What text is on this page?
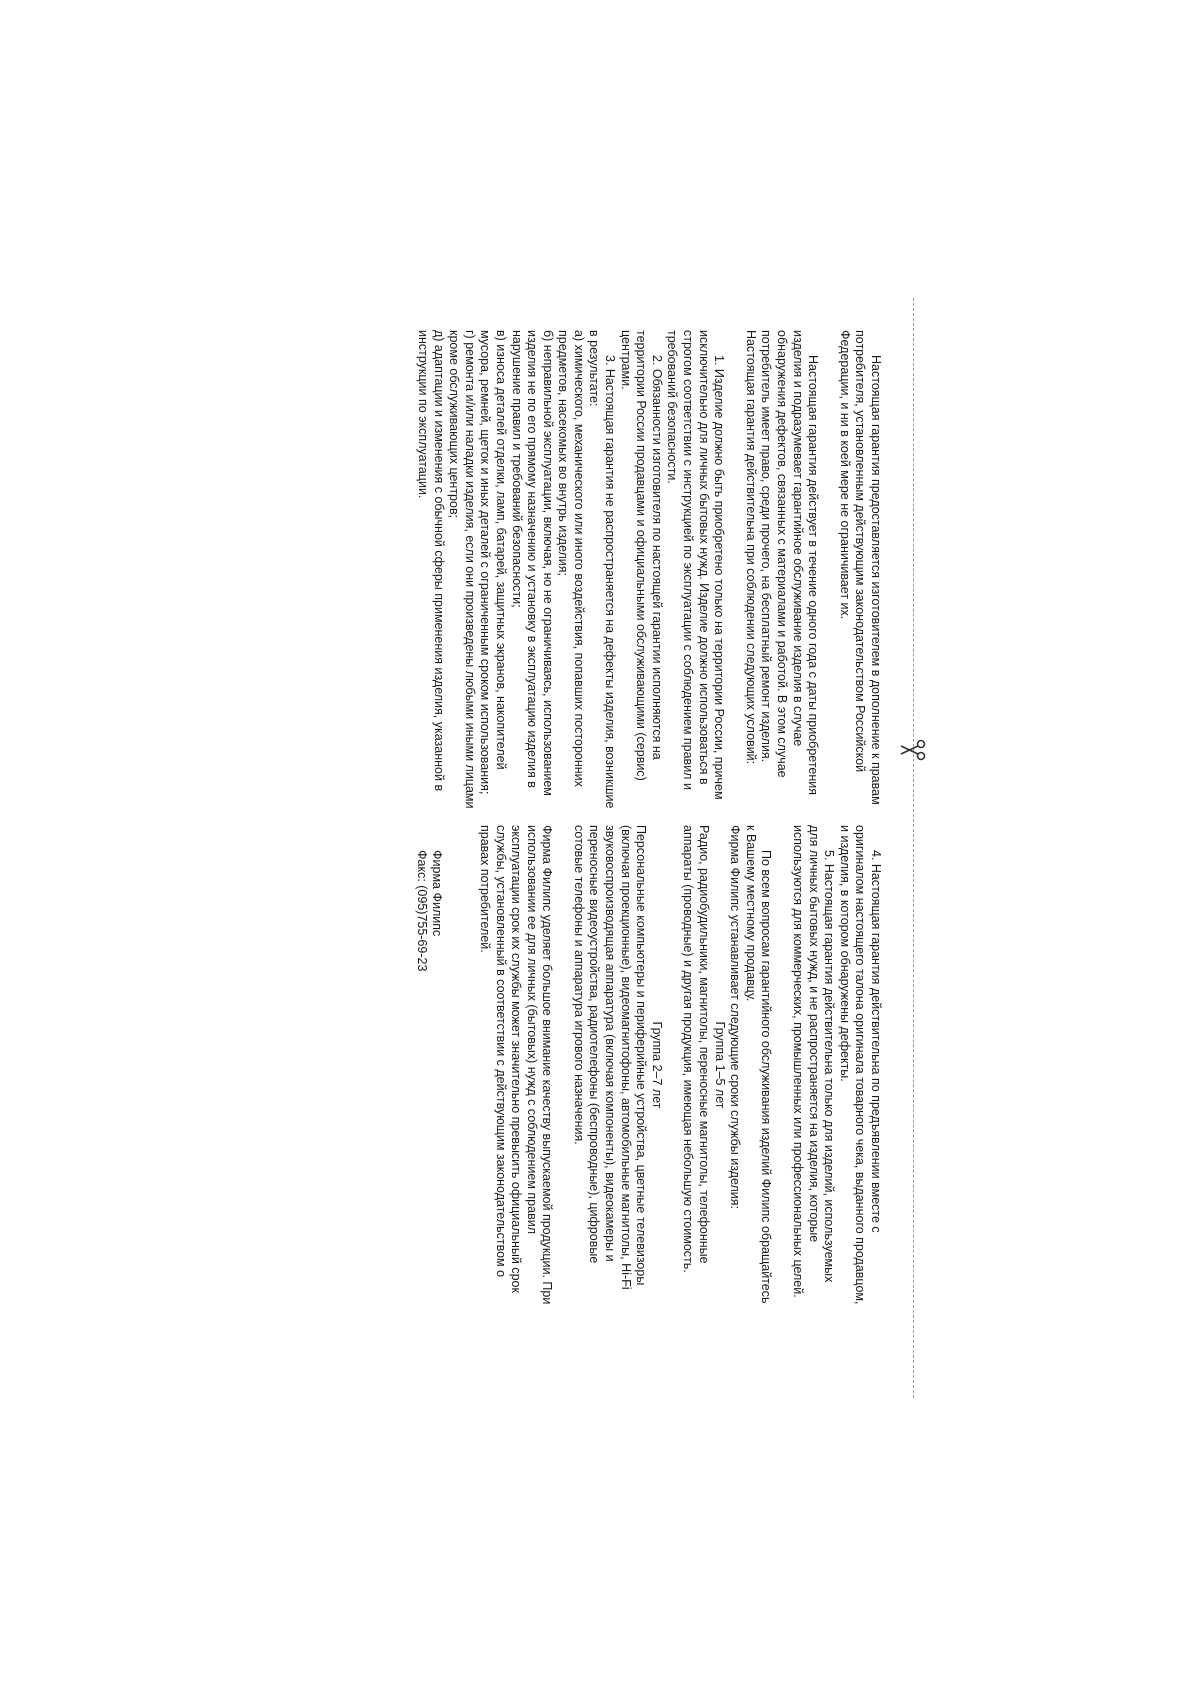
Настоящая гарантия предоставляется изготовителем в дополнение к правам потребителя, установленным действующим законодательством Российской Федерации, и ни в коей мере не ограничивает их.

Настоящая гарантия действует в течение одного года с даты приобретения изделия и подразумевает гарантийное обслуживание изделия в случае обнаружения дефектов, связанных с материалами и работой. В этом случае потребитель имеет право, среди прочего, на бесплатный ремонт изделия. Настоящая гарантия действительна при соблюдении следующих условий:

1. Изделие должно быть приобретено только на территории России, причем исключительно для личных бытовых нужд. Изделие должно использоваться в строгом соответствии с инструкцией по эксплуатации с соблюдением правил и требований безопасности.

2. Обязанности изготовителя по настоящей гарантии исполняются на территории России продавцами и официальными обслуживающими (сервис) центрами.

3. Настоящая гарантия не распространяется на дефекты изделия, возникшие в результате:

а) химического, механического или иного воздействия, попавших посторонних предметов, насекомых во внутрь изделия;

б) неправильной эксплуатации, включая, но не ограничиваясь, использованием изделия не по его прямому назначению и установку в эксплуатацию изделия в нарушение правил и требований безопасности;

в) износа деталей отделки, ламп, батарей, защитных экранов, накопителей мусора, ремней, щеток и иных деталей с ограниченным сроком использования;

г) ремонта и/или наладки изделия, если они произведены любыми иными лицами кроме обслуживающих центров;

д) адаптации и изменения с обычной сферы применения изделия, указанной в инструкции по эксплуатации.

4. Настоящая гарантия действительна по предъявлении вместе с оригиналом настоящего талона оригинала товарного чека, выданного продавцом, и изделия, в котором обнаружены дефекты.

5. Настоящая гарантия действительна только для изделий, используемых для личных бытовых нужд, и не распространяется на изделия, которые используются для коммерческих, промышленных или профессиональных целей.

По всем вопросам гарантийного обслуживания изделий Филипс обращайтесь к Вашему местному продавцу.

Фирма Филипс устанавливает следующие сроки службы изделия:

Группа 1–5 лет

Радио, радиобудильники, магнитолы, переносные магнитолы, телефонные аппараты (проводные) и другая продукция, имеющая небольшую стоимость.

Группа 2–7 лет

Персональные компьютеры и периферийные устройства, цветные телевизоры (включая проекционные), видеомагнитофоны, автомобильные магнитолы, Hi-Fi звуковоспроизводящая аппаратура (включая компоненты), видеокамеры и переносные видеоустройства, радиотелефоны (беспроводные), цифровые сотовые телефоны и аппаратура игрового назначения.

Фирма Филипс уделяет большое внимание качеству выпускаемой продукции. При использовании ее для личных (бытовых) нужд с соблюдением правил эксплуатации срок их службы может значительно превысить официальный срок службы, установленный в соответствии с действующим законодательством о правах потребителей.

Фирма Филипс

Факс: (095)755-69-23
